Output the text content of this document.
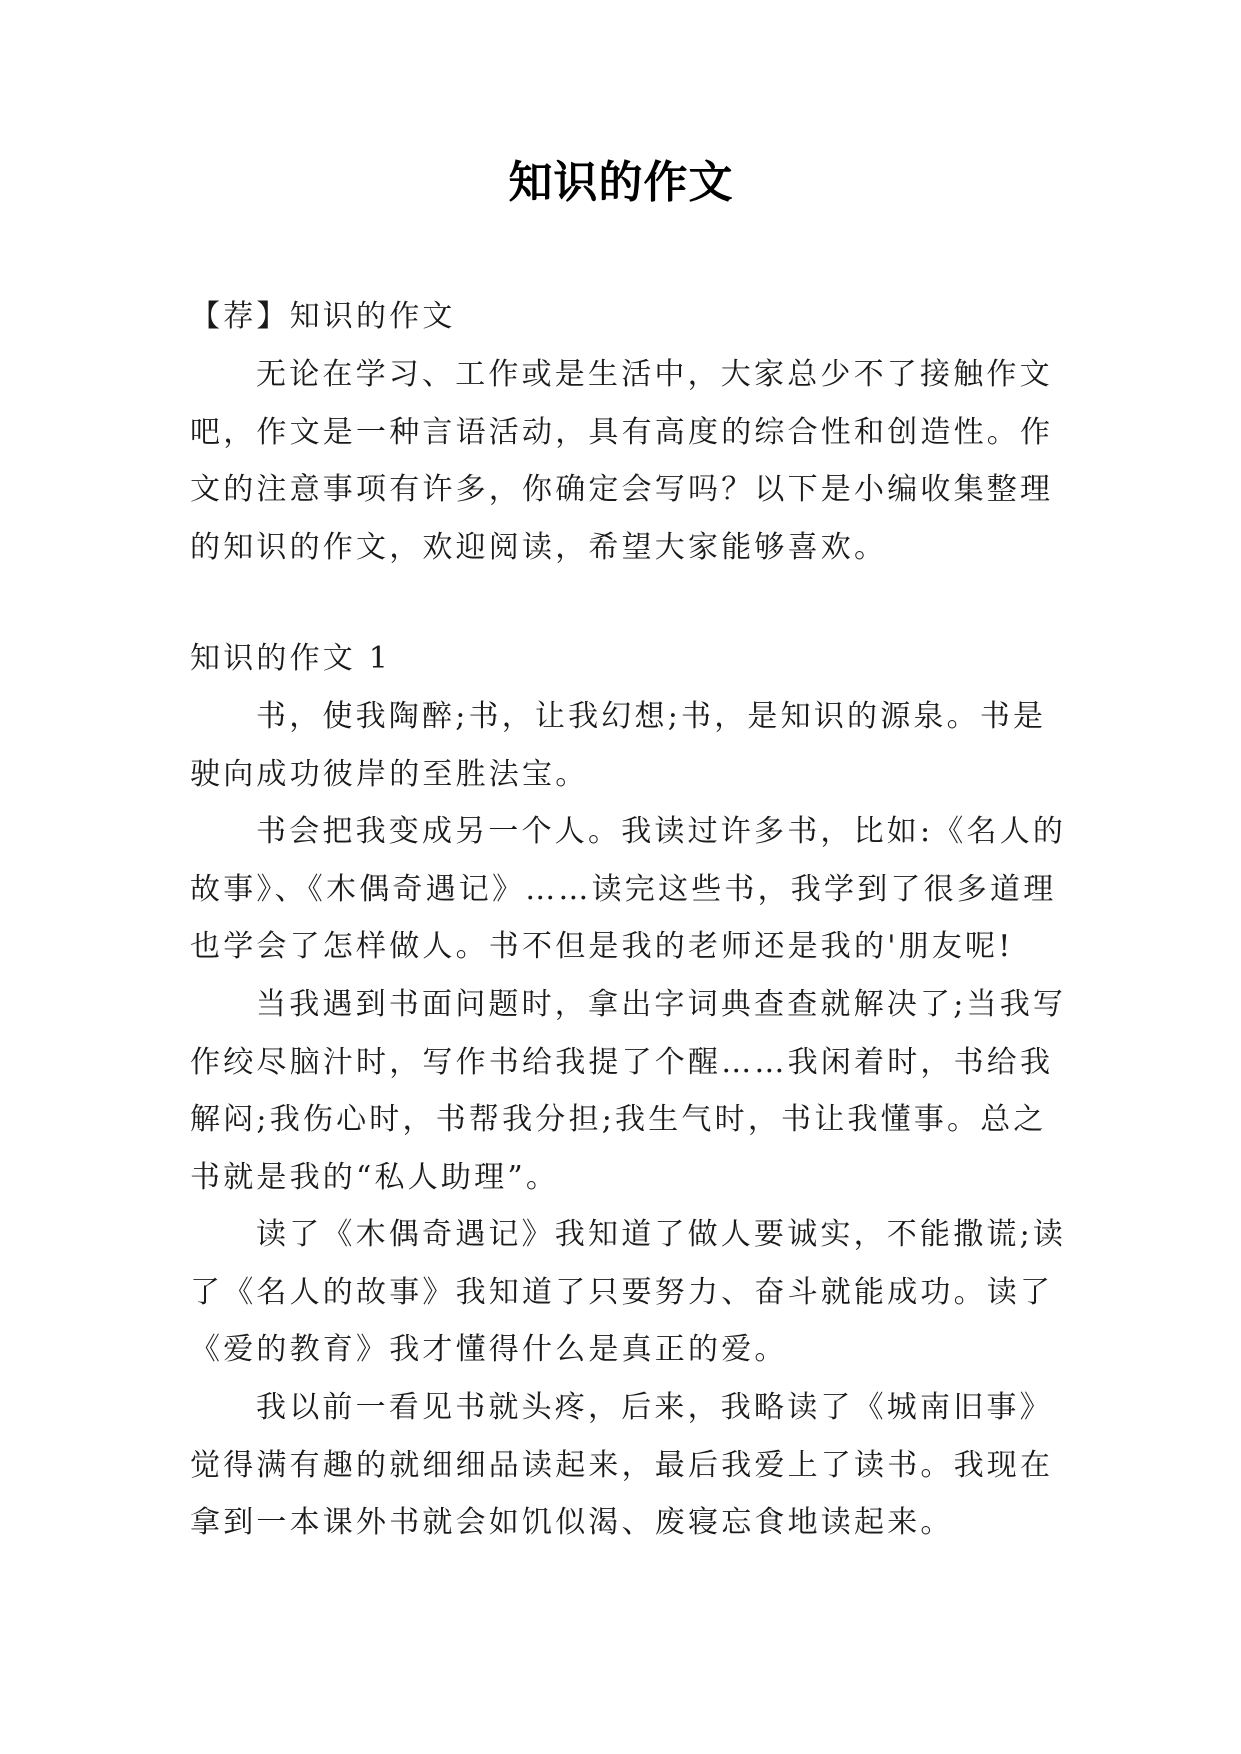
知识的作文

【荐】知识的作文

无论在学习、工作或是生活中，大家总少不了接触作文吧，作文是一种言语活动，具有高度的综合性和创造性。作文的注意事项有许多，你确定会写吗？以下是小编收集整理的知识的作文，欢迎阅读，希望大家能够喜欢。

知识的作文 1

书，使我陶醉;书，让我幻想;书，是知识的源泉。书是驶向成功彼岸的至胜法宝。

书会把我变成另一个人。我读过许多书，比如:《名人的故事》、《木偶奇遇记》……读完这些书，我学到了很多道理也学会了怎样做人。书不但是我的老师还是我的'朋友呢!

当我遇到书面问题时，拿出字词典查查就解决了;当我写作绞尽脑汁时，写作书给我提了个醒……我闲着时，书给我解闷;我伤心时，书帮我分担;我生气时，书让我懂事。总之书就是我的“私人助理”。

读了《木偶奇遇记》我知道了做人要诚实，不能撒谎;读了《名人的故事》我知道了只要努力、奋斗就能成功。读了《爱的教育》我才懂得什么是真正的爱。

我以前一看见书就头疼，后来，我略读了《城南旧事》觉得满有趣的就细细品读起来，最后我爱上了读书。我现在拿到一本课外书就会如饥似渴、废寝忘食地读起来。
